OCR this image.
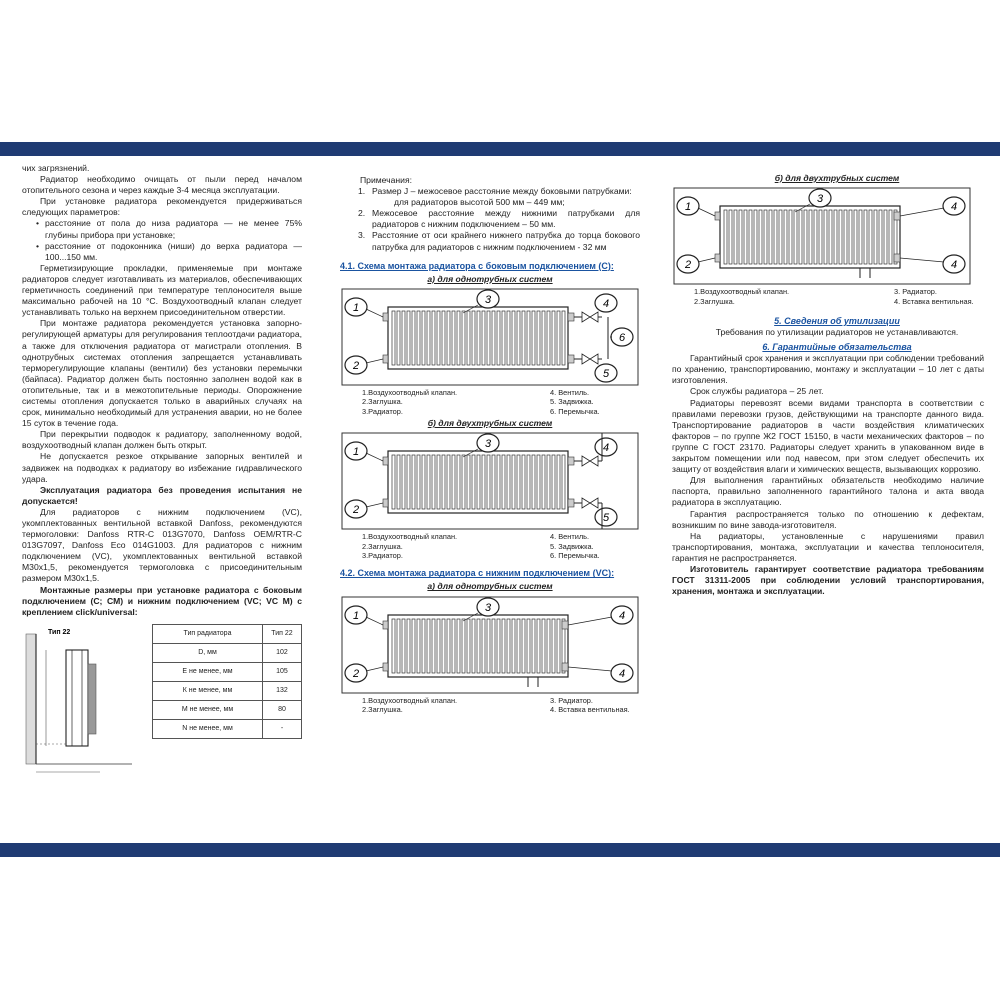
чих загрязнений.

Радиатор необходимо очищать от пыли перед началом отопительного сезона и через каждые 3-4 месяца эксплуатации.

При установке радиатора рекомендуется придерживаться следующих параметров:

• расстояние от пола до низа радиатора — не менее 75% глубины прибора при установке;
• расстояние от подоконника (ниши) до верха радиатора — 100...150 мм.

Герметизирующие прокладки, применяемые при монтаже радиаторов следует изготавливать из материалов, обеспечивающих герметичность соединений при температуре теплоносителя выше максимально рабочей на 10 °С. Воздухоотводный клапан следует устанавливать только на верхнем присоединительном отверстии.

При монтаже радиатора рекомендуется установка запорно-регулирующей арматуры для регулирования теплоотдачи радиатора, а также для отключения радиатора от магистрали отопления. В однотрубных системах отопления запрещается устанавливать терморегулирующие клапаны (вентили) без установки перемычки (байпаса). Радиатор должен быть постоянно заполнен водой как в отопительные, так и в межотопительные периоды. Опорожнение системы отопления допускается только в аварийных случаях на срок, минимально необходимый для устранения аварии, но не более 15 суток в течение года.

При перекрытии подводок к радиатору, заполненному водой, воздухоотводный клапан должен быть открыт.

Не допускается резкое открывание запорных вентилей и задвижек на подводках к радиатору во избежание гидравлического удара.

Эксплуатация радиатора без проведения испытания не допускается!

Для радиаторов с нижним подключением (VC), укомплектованных вентильной вставкой Danfoss, рекомендуются термоголовки: Danfoss RTR-C 013G7070, Danfoss OEM/RTR-C 013G7097, Danfoss Eco 014G1003. Для радиаторов с нижним подключением (VC), укомплектованных вентильной вставкой M30x1,5, рекомендуется термоголовка с присоединительным размером M30x1,5.

Монтажные размеры при установке радиатора с боковым подключением (C; CM) и нижним подключением (VC; VC M) с креплением click/universal:

Тип 22	Тип радиатора	Тип 22
D, мм	102
Е не менее, мм	105
К не менее, мм	132
М не менее, мм	80
N не менее, мм	-

Примечания:

1. Размер J – межосевое расстояние между боковыми патрубками:
для радиаторов высотой 500 мм – 449 мм;
2. Межосевое расстояние между нижними патрубками для радиаторов с нижним подключением – 50 мм.
3. Расстояние от оси крайнего нижнего патрубка до торца бокового патрубка для радиаторов с нижним подключением - 32 мм

4.1. Схема монтажа радиатора с боковым подключением (С):

а) для однотрубных систем

1
2
3	4
5
6
1.Воздухоотводный клапан.	4. Вентиль.
2.Заглушка.	5. Задвижка.
3.Радиатор.	6. Перемычка.

б) для двухтрубных систем

1
2
3	4
5
1.Воздухоотводный клапан.	4. Вентиль.
2.Заглушка.	5. Задвижка.
3.Радиатор.	6. Перемычка.

4.2. Схема монтажа радиатора с нижним подключением (VC):

а) для однотрубных систем

1
2
3
4
4
1.Воздухоотводный клапан.	3. Радиатор.
2.Заглушка.	4. Вставка вентильная.

б) для двухтрубных систем

1
2
3
4
4
1.Воздухоотводный клапан.	3. Радиатор.
2.Заглушка.	4. Вставка вентильная.

5. Сведения об утилизации

Требования по утилизации радиаторов не устанавливаются.

6. Гарантийные обязательства

Гарантийный срок хранения и эксплуатации при соблюдении требований по хранению, транспортированию, монтажу и эксплуатации – 10 лет с даты изготовления.

Срок службы радиатора – 25 лет.

Радиаторы перевозят всеми видами транспорта в соответствии с правилами перевозки грузов, действующими на транспорте данного вида. Транспортирование радиаторов в части воздействия климатических факторов – по группе Ж2 ГОСТ 15150, в части механических факторов – по группе С ГОСТ 23170. Радиаторы следует хранить в упакованном виде в закрытом помещении или под навесом, при этом следует обеспечить их защиту от воздействия влаги и химических веществ, вызывающих коррозию.

Для выполнения гарантийных обязательств необходимо наличие паспорта, правильно заполненного гарантийного талона и акта ввода радиатора в эксплуатацию.

Гарантия распространяется только по отношению к дефектам, возникшим по вине завода-изготовителя.

На радиаторы, установленные с нарушениями правил транспортирования, монтажа, эксплуатации и качества теплоносителя, гарантия не распространяется.

Изготовитель гарантирует соответствие радиатора требованиям ГОСТ 31311-2005 при соблюдении условий транспортирования, хранения, монтажа и эксплуатации.
